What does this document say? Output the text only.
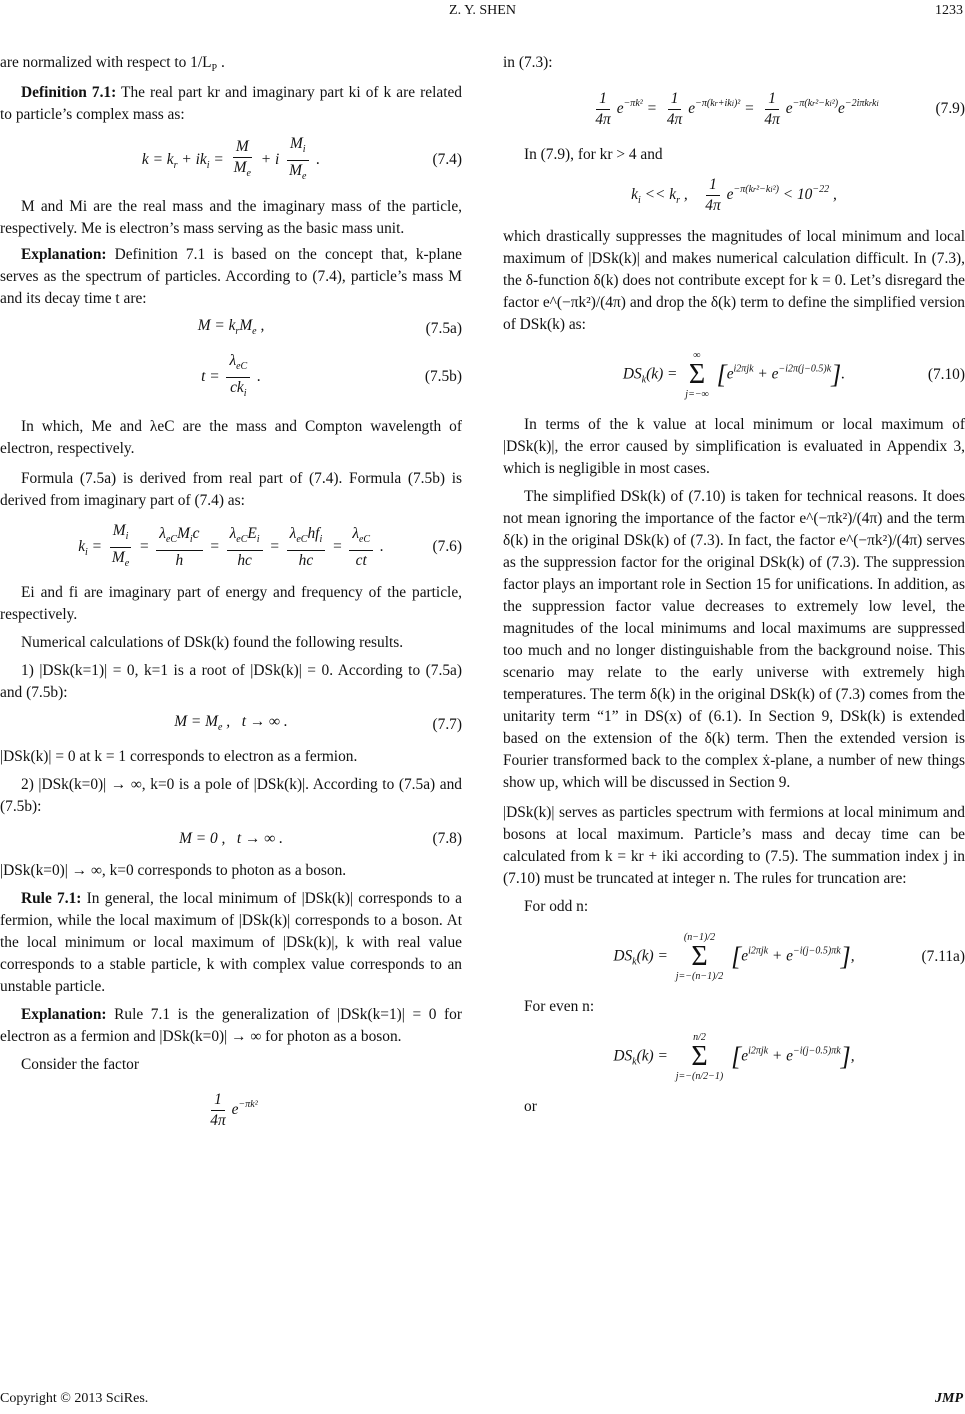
Z. Y. SHEN	1233

are normalized with respect to $1/L_P$ .

Definition 7.1: The real part kr and imaginary part ki of k are related to particle’s complex mass as:

$k = k_r + ik_i = \frac{M}{M_e} + i \frac{M_i}{M_e}$ .	(7.4)

M and Mi are the real mass and the imaginary mass of the particle, respectively. Me is electron’s mass serving as the basic mass unit.

Explanation: Definition 7.1 is based on the concept that, k-plane serves as the spectrum of particles. According to (7.4), particle’s mass M and its decay time t are:

$M = k_rM_e$ ,	(7.5a)
$t = \frac{\lambda_{eC}}{ck_i}$ .	(7.5b)

In which, Me and λeC are the mass and Compton wavelength of electron, respectively.

Formula (7.5a) is derived from real part of (7.4). Formula (7.5b) is derived from imaginary part of (7.4) as:

$k_i = \frac{M_i}{M_e} = \frac{\lambda_{eC}M_ic}{h} = \frac{\lambda_{eC}E_i}{hc} = \frac{\lambda_{eC}hf_i}{hc} = \frac{\lambda_{eC}}{ct}$ .	(7.6)

Ei and fi are imaginary part of energy and frequency of the particle, respectively.

Numerical calculations of DSk(k) found the following results.

1) |DSk(k=1)| = 0, k=1 is a root of |DSk(k)| = 0. According to (7.5a) and (7.5b):

$M = M_e$ ,   t → ∞ .	(7.7)

|DSk(k)| = 0 at k = 1 corresponds to electron as a fermion.

2) |DSk(k=0)| → ∞, k=0 is a pole of |DSk(k)|. According to (7.5a) and (7.5b):

M = 0 ,   t → ∞ .	(7.8)

|DSk(k=0)| → ∞, k=0 corresponds to photon as a boson.

Rule 7.1: In general, the local minimum of |DSk(k)| corresponds to a fermion, while the local maximum of |DSk(k)| corresponds to a boson. At the local minimum or local maximum of |DSk(k)|, k with real value corresponds to a stable particle, k with complex value corresponds to an unstable particle.

Explanation: Rule 7.1 is the generalization of |DSk(k=1)| = 0 for electron as a fermion and |DSk(k=0)| → ∞ for photon as a boson.

Consider the factor

$\frac{1}{4\pi} e^{-\pi k^2}$

in (7.3):

$\frac{1}{4\pi} e^{-\pi k^2} = \frac{1}{4\pi} e^{-\pi(kr+iki)^2} = \frac{1}{4\pi} e^{-\pi(kr^2-ki^2)}e^{-2i\pi krki}$	(7.9)

In (7.9), for kr > 4 and

$k_i << k_r$ , $\frac{1}{4\pi} e^{-\pi(kr^2-ki^2)} < 10^{-22}$ ,

which drastically suppresses the magnitudes of local minimum and local maximum of |DSk(k)| and makes numerical calculation difficult. In (7.3), the δ-function δ(k) does not contribute except for k = 0. Let’s disregard the factor e^(−πk²)/(4π) and drop the δ(k) term to define the simplified version of DSk(k) as:

$DS_k(k)$ =
∞
Σ
j=−∞
$[e^{i2\pi jk} + e^{-i2\pi(j-0.5)k}]$.	(7.10)

In terms of the k value at local minimum or local maximum of |DSk(k)|, the error caused by simplification is evaluated in Appendix 3, which is negligible in most cases.

The simplified DSk(k) of (7.10) is taken for technical reasons. It does not mean ignoring the importance of the factor e^(−πk²)/(4π) and the term δ(k) in the original DSk(k) of (7.3). In fact, the factor e^(−πk²)/(4π) serves as the suppression factor for the original DSk(k) of (7.3). The suppression factor plays an important role in Section 15 for unifications. In addition, as the suppression factor value decreases to extremely low level, the magnitudes of the local minimums and local maximums are suppressed too much and no longer distinguishable from the background noise. This scenario may relate to the early universe with extremely high temperatures. The term δ(k) in the original DSk(k) of (7.3) comes from the unitarity term “1” in DS(x) of (6.1). In Section 9, DSk(k) is extended based on the extension of the δ(k) term. Then the extended version is Fourier transformed back to the complex ẋ-plane, a number of new things show up, which will be discussed in Section 9.

|DSk(k)| serves as particles spectrum with fermions at local minimum and bosons at local maximum. Particle’s mass and decay time can be calculated from k = kr + iki according to (7.5). The summation index j in (7.10) must be truncated at integer n. The rules for truncation are:

For odd n:

$DS_k(k)$ =
(n−1)/2
Σ
j=−(n−1)/2
$[e^{i2\pi jk} + e^{-i(j-0.5)\pi k}]$,	(7.11a)

For even n:

$DS_k(k)$ =
n/2
Σ
j=−(n/2−1)
$[e^{i2\pi jk} + e^{-i(j-0.5)\pi k}]$,

or

Copyright © 2013 SciRes.	JMP
